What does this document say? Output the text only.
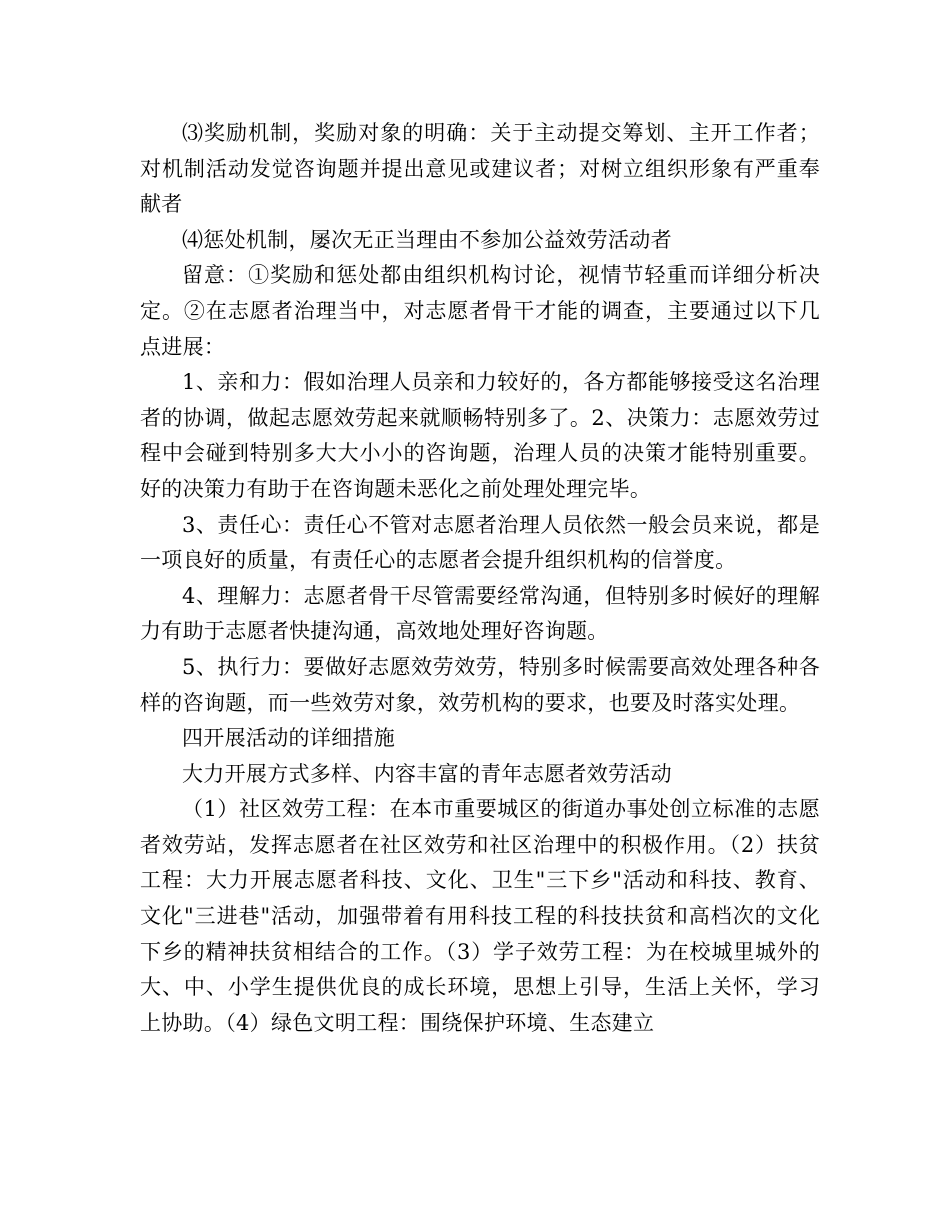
⑶奖励机制，奖励对象的明确：关于主动提交筹划、主开工作者；对机制活动发觉咨询题并提出意见或建议者；对树立组织形象有严重奉献者

⑷惩处机制，屡次无正当理由不参加公益效劳活动者

留意：①奖励和惩处都由组织机构讨论，视情节轻重而详细分析决定。②在志愿者治理当中，对志愿者骨干才能的调查，主要通过以下几点进展：

1、亲和力：假如治理人员亲和力较好的，各方都能够接受这名治理者的协调，做起志愿效劳起来就顺畅特别多了。2、决策力：志愿效劳过程中会碰到特别多大大小小的咨询题，治理人员的决策才能特别重要。好的决策力有助于在咨询题未恶化之前处理处理完毕。

3、责任心：责任心不管对志愿者治理人员依然一般会员来说，都是一项良好的质量，有责任心的志愿者会提升组织机构的信誉度。

4、理解力：志愿者骨干尽管需要经常沟通，但特别多时候好的理解力有助于志愿者快捷沟通，高效地处理好咨询题。

5、执行力：要做好志愿效劳效劳，特别多时候需要高效处理各种各样的咨询题，而一些效劳对象，效劳机构的要求，也要及时落实处理。

四开展活动的详细措施

大力开展方式多样、内容丰富的青年志愿者效劳活动

（1）社区效劳工程：在本市重要城区的街道办事处创立标准的志愿者效劳站，发挥志愿者在社区效劳和社区治理中的积极作用。（2）扶贫工程：大力开展志愿者科技、文化、卫生"三下乡"活动和科技、教育、文化"三进巷"活动，加强带着有用科技工程的科技扶贫和高档次的文化下乡的精神扶贫相结合的工作。（3）学子效劳工程：为在校城里城外的大、中、小学生提供优良的成长环境，思想上引导，生活上关怀，学习上协助。（4）绿色文明工程：围绕保护环境、生态建立
